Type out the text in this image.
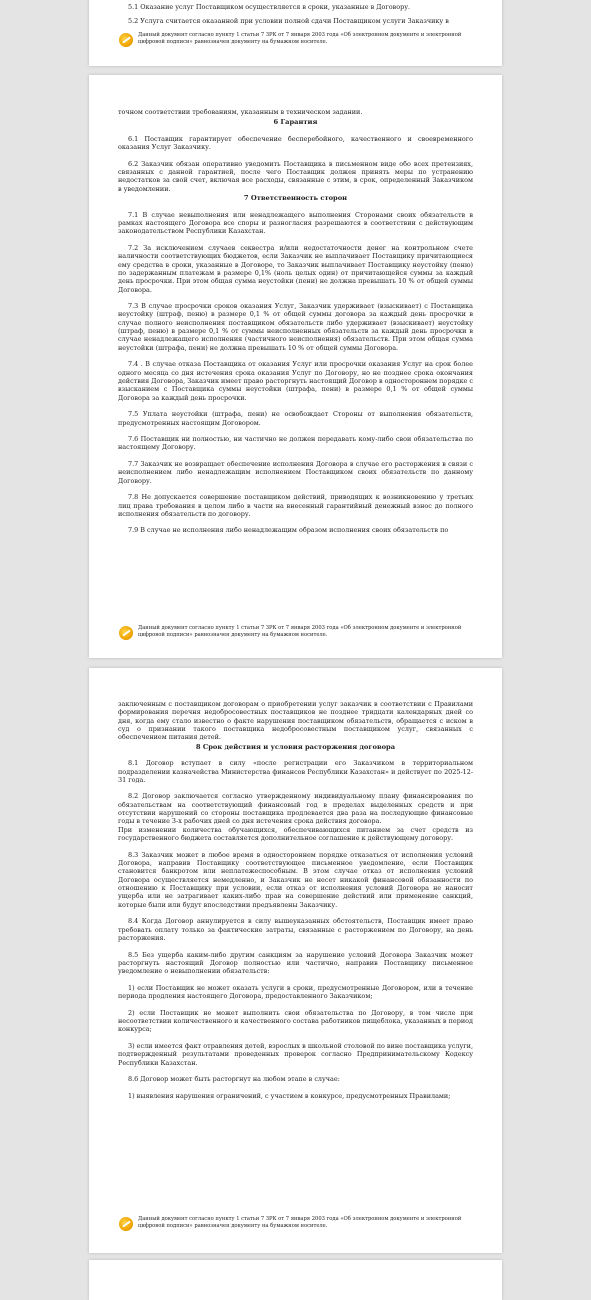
5.1 Оказание услуг Поставщиком осуществляется в сроки, указанные в Договору.

5.2 Услуга считается оказанной при условии полной сдачи Поставщиком услуги Заказчику в

Данный документ согласно пункту 1 статьи 7 ЗРК от 7 января 2003 года «Об электронном документе и электронной цифровой подписи» равнозначен документу на бумажном носителе.

точном соответствии требованиям, указанным в техническом задании.

6 Гарантия

6.1 Поставщик гарантирует обеспечение бесперебойного, качественного и своевременного оказания Услуг Заказчику.

6.2 Заказчик обязан оперативно уведомить Поставщика в письменном виде обо всех претензиях, связанных с данной гарантией, после чего Поставщик должен принять меры по устранению недостатков за свой счет, включая все расходы, связанные с этим, в срок, определенный Заказчиком в уведомлении.

7 Ответственность сторон

7.1 В случае невыполнения или ненадлежащего выполнения Сторонами своих обязательств в рамках настоящего Договора все споры и разногласия разрешаются в соответствии с действующим законодательством Республики Казахстан.

7.2 За исключением случаев секвестра и/или недостаточности денег на контрольном счете наличности соответствующих бюджетов, если Заказчик не выплачивает Поставщику причитающиеся ему средства в сроки, указанные в Договоре, то Заказчик выплачивает Поставщику неустойку (пеню) по задержанным платежам в размере 0,1% (ноль целых один) от причитающейся суммы за каждый день просрочки. При этом общая сумма неустойки (пени) не должна превышать 10 % от общей суммы Договора.

7.3 В случае просрочки сроков оказания Услуг, Заказчик удерживает (взыскивает) с Поставщика неустойку (штраф, пеню) в размере 0,1 % от общей суммы договора за каждый день просрочки в случае полного неисполнения поставщиком обязательств либо удерживает (взыскивает) неустойку (штраф, пеню) в размере 0,1 % от суммы неисполненных обязательств за каждый день просрочки в случае ненадлежащего исполнения (частичного неисполнения) обязательств. При этом общая сумма неустойки (штрафа, пени) не должна превышать 10 % от общей суммы Договора.

7.4 . В случае отказа Поставщика от оказания Услуг или просрочки оказания Услуг на срок более одного месяца со дня истечения срока оказания Услуг по Договору, но не позднее срока окончания действия Договора, Заказчик имеет право расторгнуть настоящий Договор в одностороннем порядке с взысканием с Поставщика суммы неустойки (штрафа, пени) в размере 0,1 % от общей суммы Договора за каждый день просрочки.

7.5 Уплата неустойки (штрафа, пени) не освобождает Стороны от выполнения обязательств, предусмотренных настоящим Договором.

7.6 Поставщик ни полностью, ни частично не должен передавать кому-либо свои обязательства по настоящему Договору.

7.7 Заказчик не возвращает обеспечение исполнения Договора в случае его расторжения в связи с неисполнением либо ненадлежащим исполнением Поставщиком своих обязательств по данному Договору.

7.8 Не допускается совершение поставщиком действий, приводящих к возникновению у третьих лиц права требования в целом либо в части на внесенный гарантийный денежный взнос до полного исполнения обязательств по договору.

7.9 В случае не исполнения либо ненадлежащим образом исполнения своих обязательств по

Данный документ согласно пункту 1 статьи 7 ЗРК от 7 января 2003 года «Об электронном документе и электронной цифровой подписи» равнозначен документу на бумажном носителе.

заключенным с поставщиком договорам о приобретении услуг заказчик в соответствии с Правилами формирования перечня недобросовестных поставщиков не позднее тридцати календарных дней со дня, когда ему стало известно о факте нарушения поставщиком обязательств, обращается с иском в суд о признании такого поставщика недобросовестным поставщиком услуг, связанных с обеспечением питания детей.

8 Срок действия и условия расторжения договора

8.1 Договор вступает в силу «после регистрации его Заказчиком в территориальном подразделении казначейства Министерства финансов Республики Казахстан» и действует по 2025-12-31 года.

8.2 Договор заключается согласно утвержденному индивидуальному плану финансирования по обязательствам на соответствующий финансовый год в пределах выделенных средств и при отсутствии нарушений со стороны поставщика продлевается два раза на последующие финансовые годы в течение 3-х рабочих дней со дня истечения срока действия договора.

При изменении количества обучающихся, обеспечивающихся питанием за счет средств из государственного бюджета составляется дополнительное соглашение к действующему договору.

8.3 Заказчик может в любое время в одностороннем порядке отказаться от исполнения условий Договора, направив Поставщику соответствующее письменное уведомление, если Поставщик становится банкротом или неплатежеспособным. В этом случае отказ от исполнения условий Договора осуществляется немедленно, и Заказчик не несет никакой финансовой обязанности по отношению к Поставщику при условии, если отказ от исполнения условий Договора не наносит ущерба или не затрагивает каких-либо прав на совершение действий или применение санкций, которые были или будут впоследствии предъявлены Заказчику.

8.4 Когда Договор аннулируется в силу вышеуказанных обстоятельств, Поставщик имеет право требовать оплату только за фактические затраты, связанные с расторжением по Договору, на день расторжения.

8.5 Без ущерба каким-либо другим санкциям за нарушение условий Договора Заказчик может расторгнуть настоящий Договор полностью или частично, направив Поставщику письменное уведомление о невыполнении обязательств:

1) если Поставщик не может оказать услуги в сроки, предусмотренные Договором, или в течение периода продления настоящего Договора, предоставленного Заказчиком;

2) если Поставщик не может выполнить свои обязательства по Договору, в том числе при несоответствии количественного и качественного состава работников пищеблока, указанных в период конкурса;

3) если имеется факт отравления детей, взрослых в школьной столовой по вине поставщика услуги, подтвержденный результатами проведенных проверок согласно Предпринимательскому Кодексу Республики Казахстан.

8.6 Договор может быть расторгнут на любом этапе в случае:

1) выявления нарушения ограничений, с участием в конкурсе, предусмотренных Правилами;

Данный документ согласно пункту 1 статьи 7 ЗРК от 7 января 2003 года «Об электронном документе и электронной цифровой подписи» равнозначен документу на бумажном носителе.
